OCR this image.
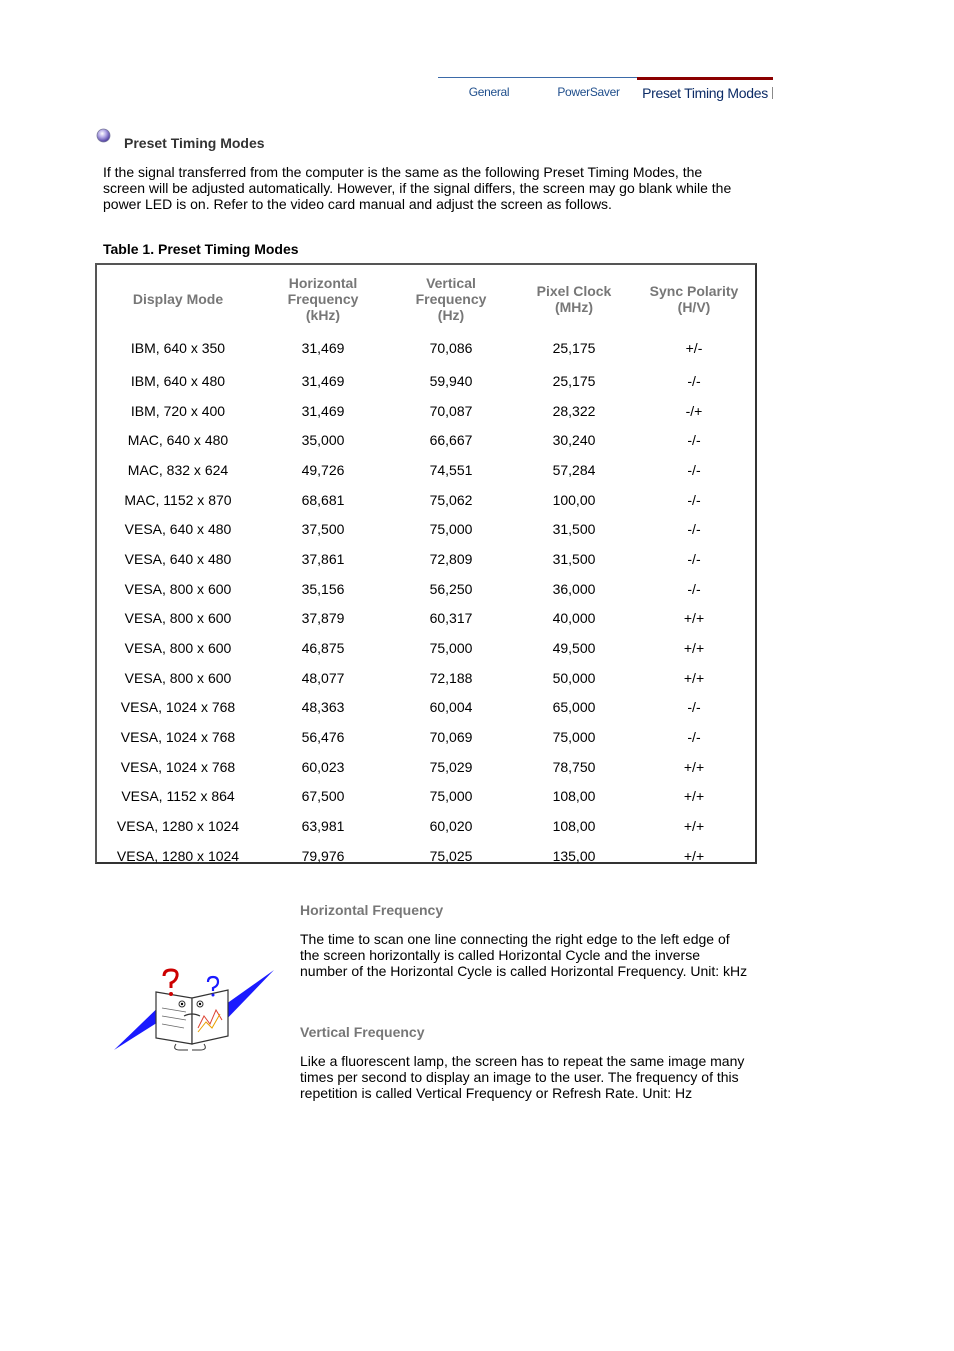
General	PowerSaver	Preset Timing Modes
Preset Timing Modes

If the signal transferred from the computer is the same as the following Preset Timing Modes, the screen will be adjusted automatically. However, if the signal differs, the screen may go blank while the power LED is on. Refer to the video card manual and adjust the screen as follows.

Table 1. Preset Timing Modes
Display Mode	Horizontal
Frequency
(kHz)	Vertical
Frequency
(Hz)	Pixel Clock
(MHz)	Sync Polarity
(H/V)
IBM, 640 x 350	31,469	70,086	25,175	+/-
IBM, 640 x 480	31,469	59,940	25,175	-/-
IBM, 720 x 400	31,469	70,087	28,322	-/+
MAC, 640 x 480	35,000	66,667	30,240	-/-
MAC, 832 x 624	49,726	74,551	57,284	-/-
MAC, 1152 x 870	68,681	75,062	100,00	-/-
VESA, 640 x 480	37,500	75,000	31,500	-/-
VESA, 640 x 480	37,861	72,809	31,500	-/-
VESA, 800 x 600	35,156	56,250	36,000	-/-
VESA, 800 x 600	37,879	60,317	40,000	+/+
VESA, 800 x 600	46,875	75,000	49,500	+/+
VESA, 800 x 600	48,077	72,188	50,000	+/+
VESA, 1024 x 768	48,363	60,004	65,000	-/-
VESA, 1024 x 768	56,476	70,069	75,000	-/-
VESA, 1024 x 768	60,023	75,029	78,750	+/+
VESA, 1152 x 864	67,500	75,000	108,00	+/+
VESA, 1280 x 1024	63,981	60,020	108,00	+/+
VESA, 1280 x 1024	79,976	75,025	135,00	+/+
Horizontal Frequency

The time to scan one line connecting the right edge to the left edge of the screen horizontally is called Horizontal Cycle and the inverse number of the Horizontal Cycle is called Horizontal Frequency. Unit: kHz

Vertical Frequency

Like a fluorescent lamp, the screen has to repeat the same image many times per second to display an image to the user. The frequency of this repetition is called Vertical Frequency or Refresh Rate. Unit: Hz
